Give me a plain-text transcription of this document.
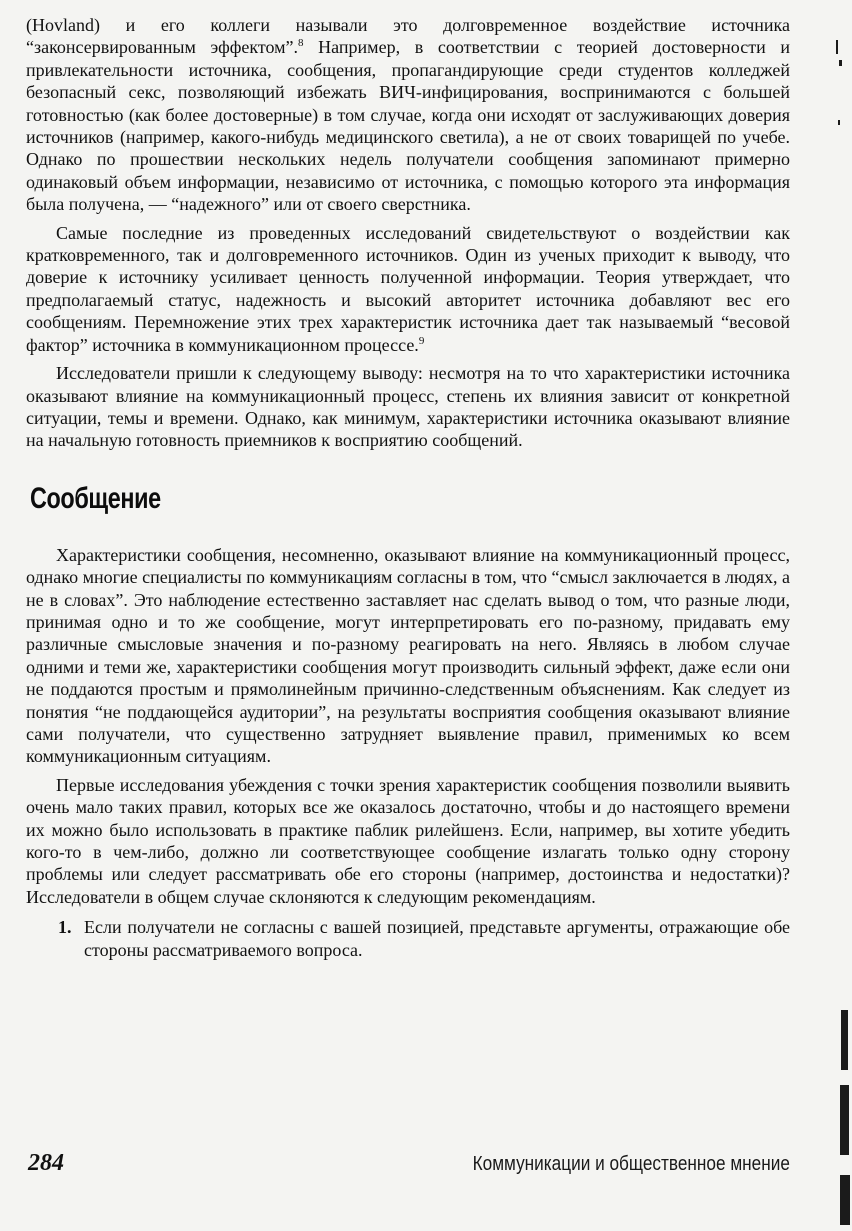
(Hovland) и его коллеги называли это долговременное воздействие источника “законсервированным эффектом”.$^8$ Например, в соответствии с теорией достоверности и привлекательности источника, сообщения, пропагандирующие среди студентов колледжей безопасный секс, позволяющий избежать ВИЧ-инфицирования, воспринимаются с большей готовностью (как более достоверные) в том случае, когда они исходят от заслуживающих доверия источников (например, какого-нибудь медицинского светила), а не от своих товарищей по учебе. Однако по прошествии нескольких недель получатели сообщения запоминают примерно одинаковый объем информации, независимо от источника, с помощью которого эта информация была получена, — “надежного” или от своего сверстника.

Самые последние из проведенных исследований свидетельствуют о воздействии как кратковременного, так и долговременного источников. Один из ученых приходит к выводу, что доверие к источнику усиливает ценность полученной информации. Теория утверждает, что предполагаемый статус, надежность и высокий авторитет источника добавляют вес его сообщениям. Перемножение этих трех характеристик источника дает так называемый “весовой фактор” источника в коммуникационном процессе.$^9$

Исследователи пришли к следующему выводу: несмотря на то что характеристики источника оказывают влияние на коммуникационный процесс, степень их влияния зависит от конкретной ситуации, темы и времени. Однако, как минимум, характеристики источника оказывают влияние на начальную готовность приемников к восприятию сообщений.

Сообщение

Характеристики сообщения, несомненно, оказывают влияние на коммуникационный процесс, однако многие специалисты по коммуникациям согласны в том, что “смысл заключается в людях, а не в словах”. Это наблюдение естественно заставляет нас сделать вывод о том, что разные люди, принимая одно и то же сообщение, могут интерпретировать его по-разному, придавать ему различные смысловые значения и по-разному реагировать на него. Являясь в любом случае одними и теми же, характеристики сообщения могут производить сильный эффект, даже если они не поддаются простым и прямолинейным причинно-следственным объяснениям. Как следует из понятия “не поддающейся аудитории”, на результаты восприятия сообщения оказывают влияние сами получатели, что существенно затрудняет выявление правил, применимых ко всем коммуникационным ситуациям.

Первые исследования убеждения с точки зрения характеристик сообщения позволили выявить очень мало таких правил, которых все же оказалось достаточно, чтобы и до настоящего времени их можно было использовать в практике паблик рилейшенз. Если, например, вы хотите убедить кого-то в чем-либо, должно ли соответствующее сообщение излагать только одну сторону проблемы или следует рассматривать обе его стороны (например, достоинства и недостатки)? Исследователи в общем случае склоняются к следующим рекомендациям.

1. Если получатели не согласны с вашей позицией, представьте аргументы, отражающие обе стороны рассматриваемого вопроса.
284	Коммуникации и общественное мнение
